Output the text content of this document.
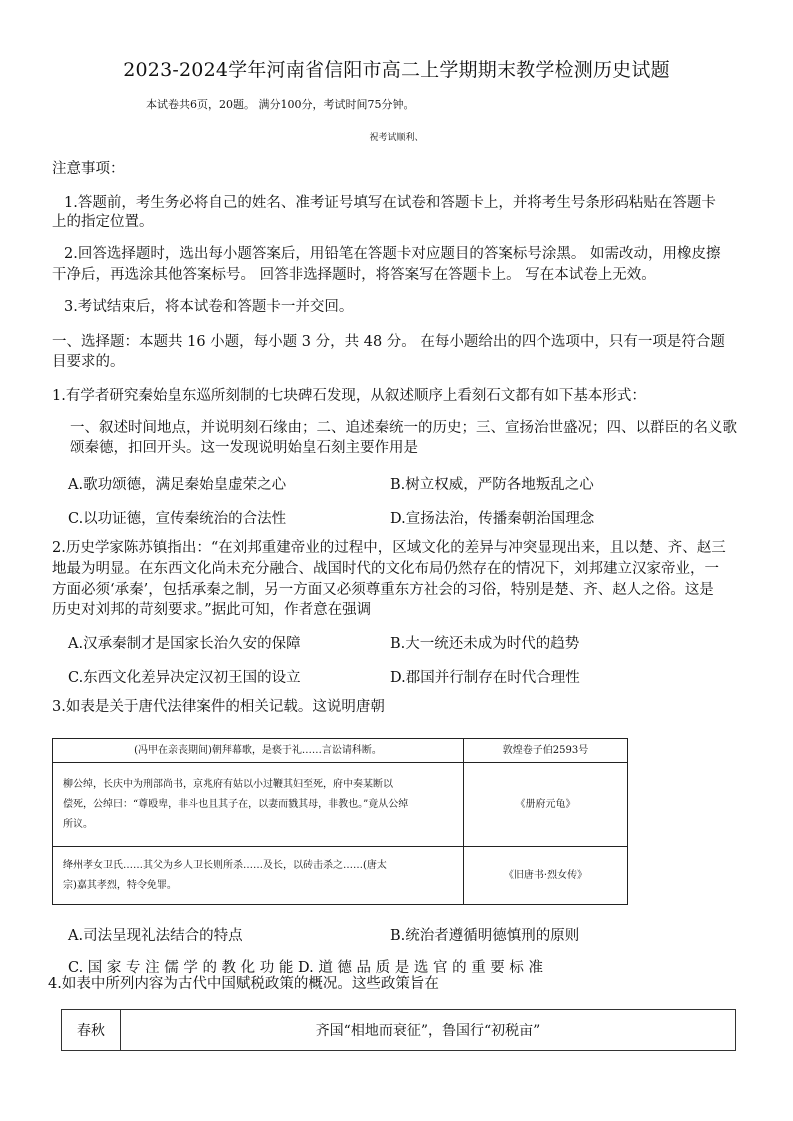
2023-2024学年河南省信阳市高二上学期期末教学检测历史试题
本试卷共6页，20题。 满分100分，考试时间75分钟。
祝考试顺利、
注意事项：
1.答题前，考生务必将自己的姓名、准考证号填写在试卷和答题卡上，并将考生号条形码粘贴在答题卡
上的指定位置。
2.回答选择题时，选出每小题答案后，用铅笔在答题卡对应题目的答案标号涂黑。 如需改动，用橡皮擦
干净后，再选涂其他答案标号。 回答非选择题时，将答案写在答题卡上。 写在本试卷上无效。
3.考试结束后，将本试卷和答题卡一并交回。
一、选择题：本题共 16 小题，每小题 3 分，共 48 分。 在每小题给出的四个选项中，只有一项是符合题
目要求的。
1.有学者研究秦始皇东巡所刻制的七块碑石发现，从叙述顺序上看刻石文都有如下基本形式：
一、叙述时间地点，并说明刻石缘由；二、追述秦统一的历史；三、宣扬治世盛况；四、以群臣的名义歌
颂秦德，扣回开头。这一发现说明始皇石刻主要作用是
A.歌功颂德，满足秦始皇虚荣之心	B.树立权威，严防各地叛乱之心
C.以功证德，宣传秦统治的合法性	D.宣扬法治，传播秦朝治国理念
2.历史学家陈苏镇指出：“在刘邦重建帝业的过程中，区域文化的差异与冲突显现出来，且以楚、齐、赵三
地最为明显。在东西文化尚未充分融合、战国时代的文化布局仍然存在的情况下，刘邦建立汉家帝业，一
方面必须‘承秦’，包括承秦之制，另一方面又必须尊重东方社会的习俗，特别是楚、齐、赵人之俗。这是
历史对刘邦的苛刻要求。”据此可知，作者意在强调
A.汉承秦制才是国家长治久安的保障	B.大一统还未成为时代的趋势
C.东西文化差异决定汉初王国的设立	D.郡国并行制存在时代合理性
3.如表是关于唐代法律案件的相关记载。这说明唐朝
(冯甲在亲丧期间)朝拜幕歌，是亵于礼……言讼请科断。	敦煌卷子伯2593号

柳公绰，长庆中为刑部尚书，京兆府有姑以小过鞭其妇至死，府中奏某断以
偿死，公绰曰：“尊殴卑，非斗也且其子在，以妻而戮其母，非教也。”竟从公绰
所议。	《册府元龟》

绛州孝女卫氏……其父为乡人卫长则所杀……及长，以砖击杀之……(唐太
宗)嘉其孝烈，特令免罪。	《旧唐书·烈女传》
A.司法呈现礼法结合的特点	B.统治者遵循明德慎刑的原则
C. 国 家 专 注 儒 学 的 教 化 功 能 D. 道 德 品 质 是 选 官 的 重 要 标 准
4.如表中所列内容为古代中国赋税政策的概况。这些政策旨在
春秋	齐国“相地而衰征”，鲁国行“初税亩”
